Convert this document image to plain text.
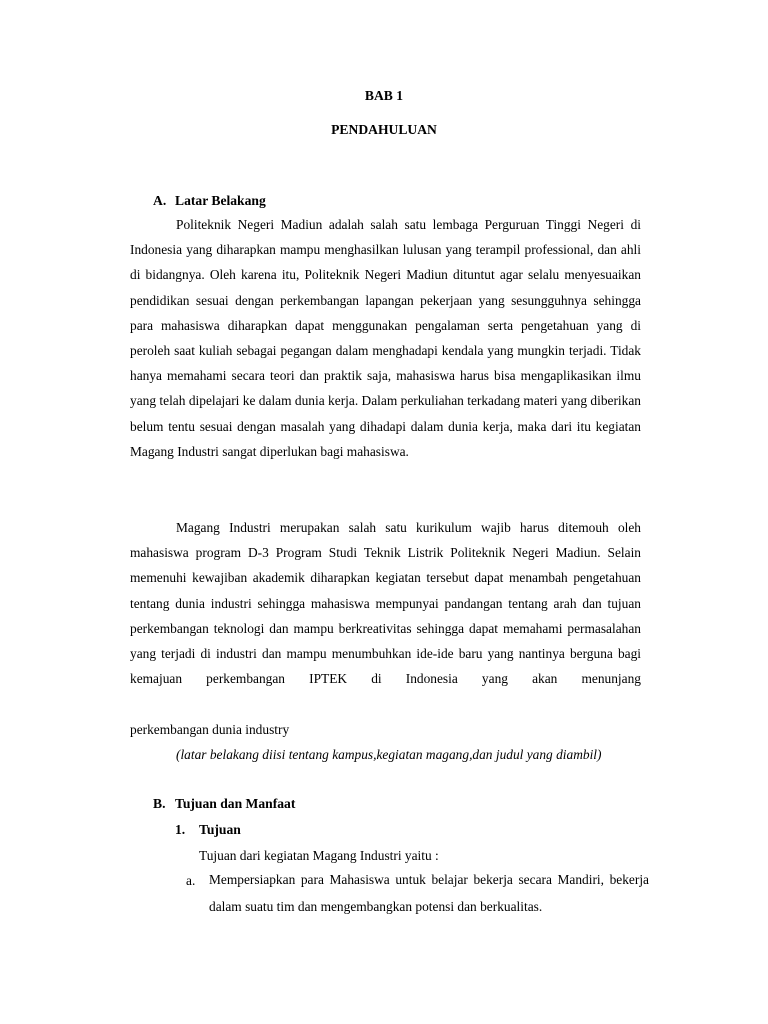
BAB 1
PENDAHULUAN
A. Latar Belakang
Politeknik Negeri Madiun adalah salah satu lembaga Perguruan Tinggi Negeri di Indonesia yang diharapkan mampu menghasilkan lulusan yang terampil professional, dan ahli di bidangnya. Oleh karena itu, Politeknik Negeri Madiun dituntut agar selalu menyesuaikan pendidikan sesuai dengan perkembangan lapangan pekerjaan yang sesungguhnya sehingga para mahasiswa diharapkan dapat menggunakan pengalaman serta pengetahuan yang di peroleh saat kuliah sebagai pegangan dalam menghadapi kendala yang mungkin terjadi. Tidak hanya memahami secara teori dan praktik saja, mahasiswa harus bisa mengaplikasikan ilmu yang telah dipelajari ke dalam dunia kerja. Dalam perkuliahan terkadang materi yang diberikan belum tentu sesuai dengan masalah yang dihadapi dalam dunia kerja, maka dari itu kegiatan Magang Industri sangat diperlukan bagi mahasiswa.
Magang Industri merupakan salah satu kurikulum wajib harus ditemouh oleh mahasiswa program D-3 Program Studi Teknik Listrik Politeknik Negeri Madiun. Selain memenuhi kewajiban akademik diharapkan kegiatan tersebut dapat menambah pengetahuan tentang dunia industri sehingga mahasiswa mempunyai pandangan tentang arah dan tujuan perkembangan teknologi dan mampu berkreativitas sehingga dapat memahami permasalahan yang terjadi di industri dan mampu menumbuhkan ide-ide baru yang nantinya berguna bagi kemajuan perkembangan IPTEK di Indonesia yang akan menunjang
perkembangan dunia industry
(latar belakang diisi tentang kampus,kegiatan magang,dan judul yang diambil)
B. Tujuan dan Manfaat
1. Tujuan
Tujuan dari kegiatan Magang Industri yaitu :
a. Mempersiapkan para Mahasiswa untuk belajar bekerja secara Mandiri, bekerja dalam suatu tim dan mengembangkan potensi dan berkualitas.
